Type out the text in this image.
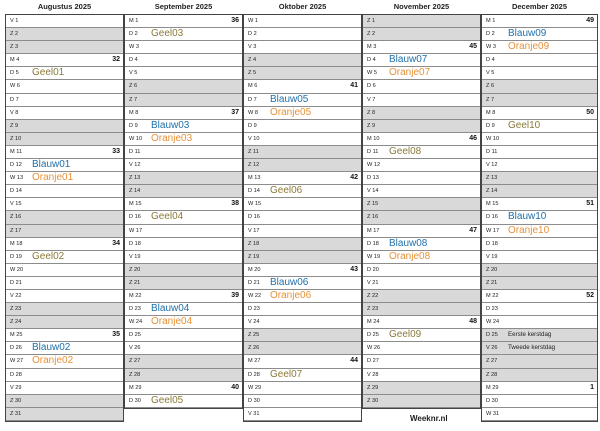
Augustus 2025
V 1
Z 2
Z 3
M 4	32
D 5 Geel01
W 6
D 7
V 8
Z 9
Z 10
M 11	33
D 12 Blauw01
W 13 Oranje01
D 14
V 15
Z 16
Z 17
M 18	34
D 19 Geel02
W 20
D 21
V 22
Z 23
Z 24
M 25	35
D 26 Blauw02
W 27 Oranje02
D 28
V 29
Z 30
Z 31
September 2025
M 1	36
D 2 Geel03
W 3
D 4
V 5
Z 6
Z 7
M 8	37
D 9 Blauw03
W 10 Oranje03
D 11
V 12
Z 13
Z 14
M 15	38
D 16 Geel04
W 17
D 18
V 19
Z 20
Z 21
M 22	39
D 23 Blauw04
W 24 Oranje04
D 25
V 26
Z 27
Z 28
M 29	40
D 30 Geel05
Oktober 2025
W 1
D 2
V 3
Z 4
Z 5
M 6	41
D 7 Blauw05
W 8 Oranje05
D 9
V 10
Z 11
Z 12
M 13	42
D 14 Geel06
W 15
D 16
V 17
Z 18
Z 19
M 20	43
D 21 Blauw06
W 22 Oranje06
D 23
V 24
Z 25
Z 26
M 27	44
D 28 Geel07
W 29
D 30
V 31
November 2025
Z 1
Z 2
M 3	45
D 4 Blauw07
W 5 Oranje07
D 6
V 7
Z 8
Z 9
M 10	46
D 11 Geel08
W 12
D 13
V 14
Z 15
Z 16
M 17	47
D 18 Blauw08
W 19 Oranje08
D 20
V 21
Z 22
Z 23
M 24	48
D 25 Geel09
W 26
D 27
V 28
Z 29
Z 30
December 2025
M 1	49
D 2 Blauw09
W 3 Oranje09
D 4
V 5
Z 6
Z 7
M 8	50
D 9 Geel10
W 10
D 11
V 12
Z 13
Z 14
M 15	51
D 16 Blauw10
W 17 Oranje10
D 18
V 19
Z 20
Z 21
M 22	52
D 23
W 24
D 25 Eerste kerstdag
V 26 Tweede kerstdag
Z 27
Z 28
M 29	1
D 30
W 31
Weeknr.nl
